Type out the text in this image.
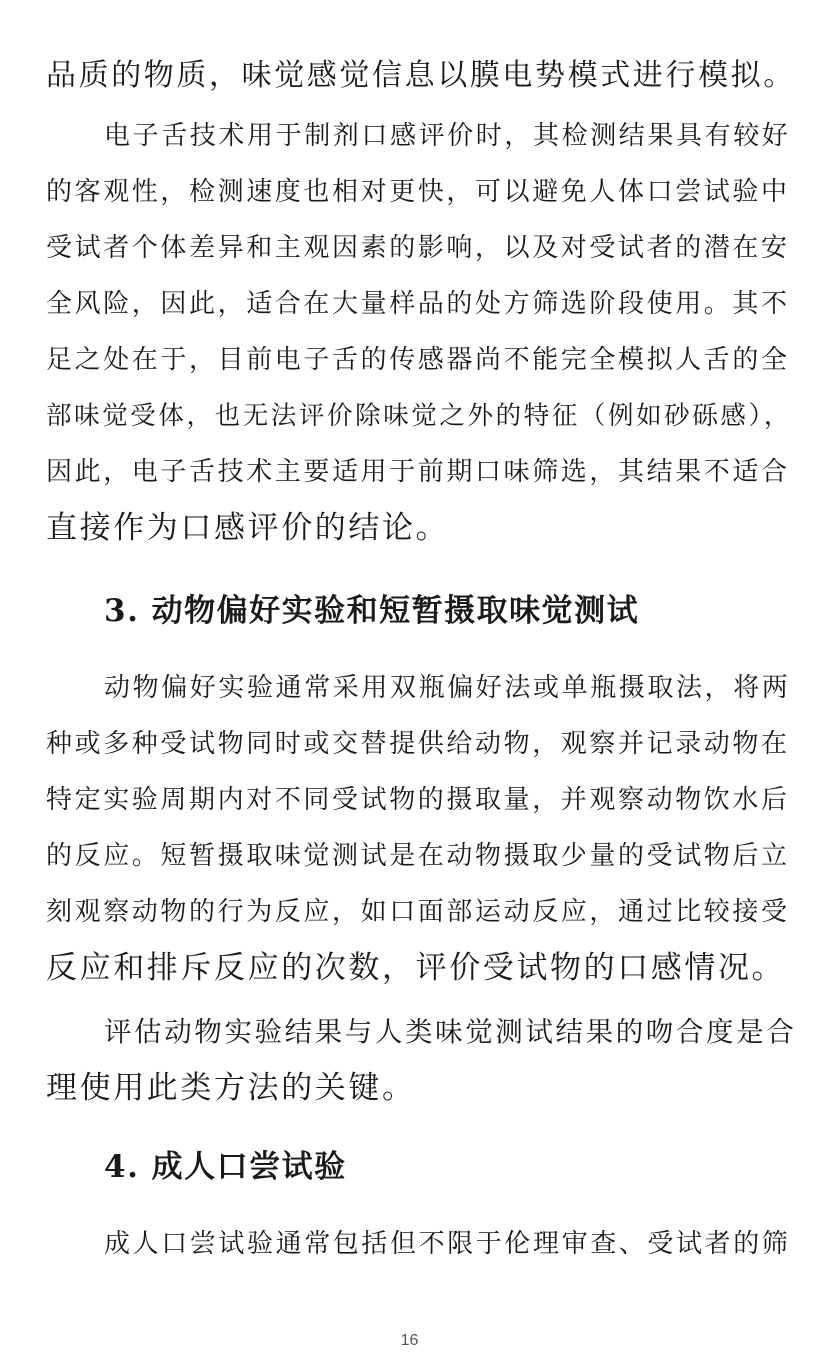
品质的物质，味觉感觉信息以膜电势模式进行模拟。
电子舌技术用于制剂口感评价时，其检测结果具有较好
的客观性，检测速度也相对更快，可以避免人体口尝试验中
受试者个体差异和主观因素的影响，以及对受试者的潜在安
全风险，因此，适合在大量样品的处方筛选阶段使用。其不
足之处在于，目前电子舌的传感器尚不能完全模拟人舌的全
部味觉受体，也无法评价除味觉之外的特征（例如砂砾感），
因此，电子舌技术主要适用于前期口味筛选，其结果不适合
直接作为口感评价的结论。
3. 动物偏好实验和短暂摄取味觉测试
动物偏好实验通常采用双瓶偏好法或单瓶摄取法，将两
种或多种受试物同时或交替提供给动物，观察并记录动物在
特定实验周期内对不同受试物的摄取量，并观察动物饮水后
的反应。短暂摄取味觉测试是在动物摄取少量的受试物后立
刻观察动物的行为反应，如口面部运动反应，通过比较接受
反应和排斥反应的次数，评价受试物的口感情况。
评估动物实验结果与人类味觉测试结果的吻合度是合
理使用此类方法的关键。
4. 成人口尝试验
成人口尝试验通常包括但不限于伦理审查、受试者的筛
16
